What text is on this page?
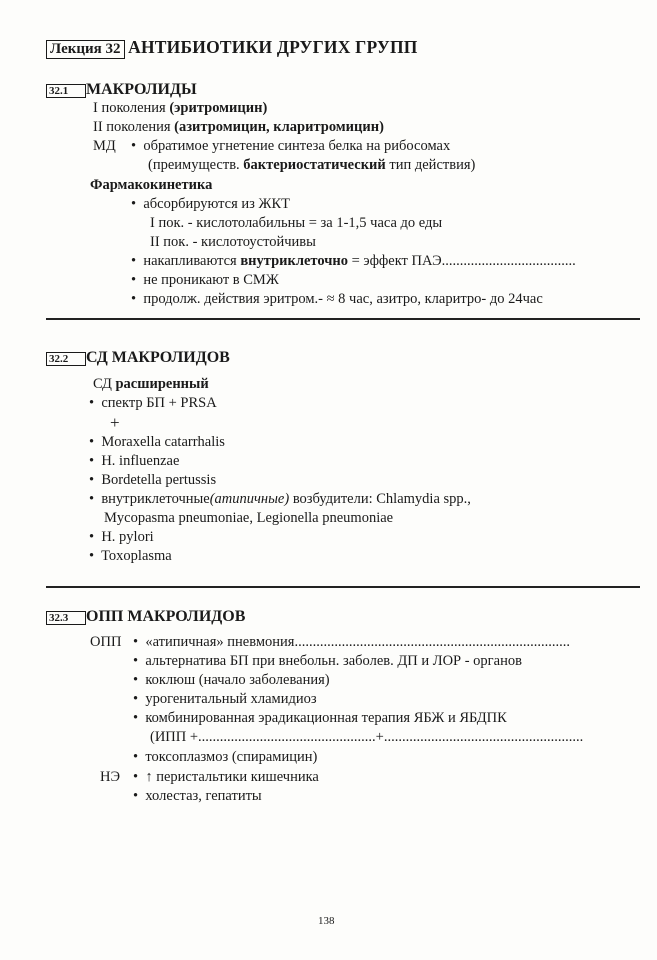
Лекция 32 АНТИБИОТИКИ ДРУГИХ ГРУПП
32.1 МАКРОЛИДЫ
I поколения (эритромицин)
II поколения (азитромицин, кларитромицин)
МД •  обратимое угнетение синтеза белка на рибосомах
(преимуществ. бактериостатический тип действия)
Фармакокинетика
•  абсорбируются из ЖКТ
I пок. - кислотолабильны = за 1-1,5 часа до еды
II пок. - кислотоустойчивы
•  накапливаются внутриклеточно = эффект ПАЭ.....................................
•  не проникают в СМЖ
•  продолж. действия эритром.- ≈ 8 час, азитро, кларитро- до 24час
32.2 СД МАКРОЛИДОВ
СД расширенный
•  спектр БП + PRSA
+
•  Moraxella catarrhalis
•  H. influenzae
•  Bordetella pertussis
•  внутриклеточные(атипичные) возбудители: Chlamydia spp.,
Mycopasma pneumoniae, Legionella pneumoniae
•  H. pylori
•  Toxoplasma
32.3 ОПП МАКРОЛИДОВ
ОПП •  «атипичная» пневмония............................................................................
•  альтернатива БП при внебольн. заболев. ДП и ЛОР - органов
•  коклюш (начало заболевания)
•  урогенитальный хламидиоз
•  комбинированная эрадикационная терапия ЯБЖ и ЯБДПК
(ИПП +.................................................+.......................................................
•  токсоплазмоз (спирамицин)
НЭ •  ↑ перистальтики кишечника
•  холестаз, гепатиты
138
